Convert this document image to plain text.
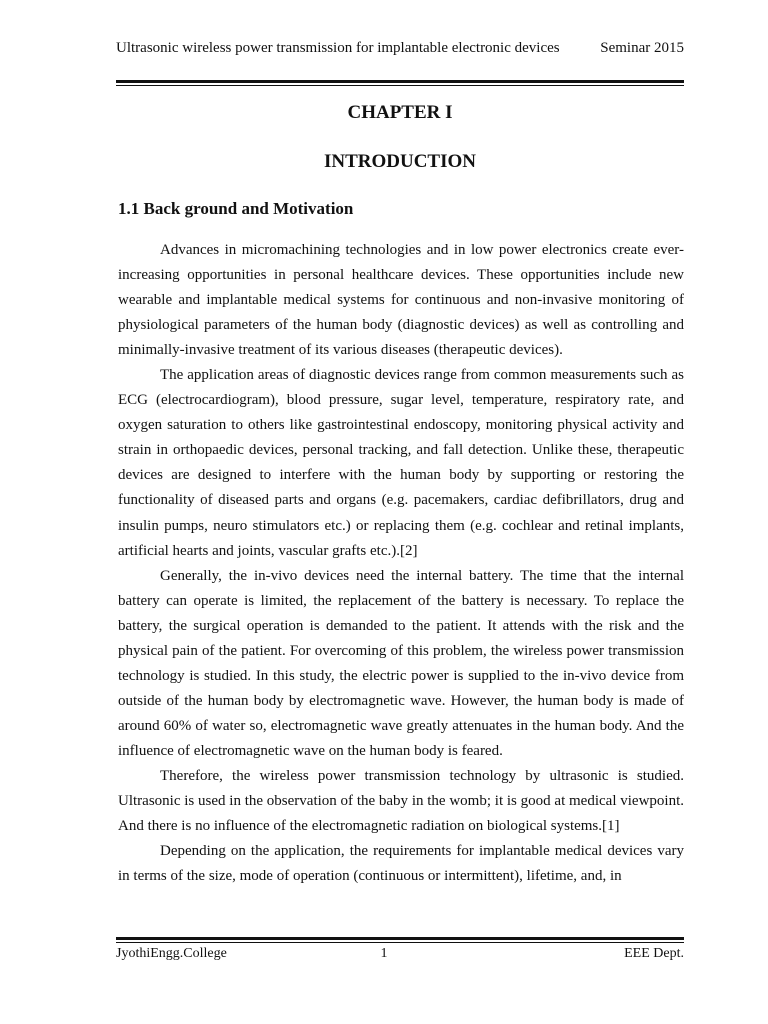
Ultrasonic wireless power transmission for implantable electronic devices	Seminar 2015
CHAPTER I
INTRODUCTION
1.1 Back ground and Motivation

Advances in micromachining technologies and in low power electronics create ever-increasing opportunities in personal healthcare devices. These opportunities include new wearable and implantable medical systems for continuous and non-invasive monitoring of physiological parameters of the human body (diagnostic devices) as well as controlling and minimally-invasive treatment of its various diseases (therapeutic devices).

The application areas of diagnostic devices range from common measurements such as ECG (electrocardiogram), blood pressure, sugar level, temperature, respiratory rate, and oxygen saturation to others like gastrointestinal endoscopy, monitoring physical activity and strain in orthopaedic devices, personal tracking, and fall detection. Unlike these, therapeutic devices are designed to interfere with the human body by supporting or restoring the functionality of diseased parts and organs (e.g. pacemakers, cardiac defibrillators, drug and insulin pumps, neuro stimulators etc.) or replacing them (e.g. cochlear and retinal implants, artificial hearts and joints, vascular grafts etc.).[2]

Generally, the in-vivo devices need the internal battery. The time that the internal battery can operate is limited, the replacement of the battery is necessary. To replace the battery, the surgical operation is demanded to the patient. It attends with the risk and the physical pain of the patient. For overcoming of this problem, the wireless power transmission technology is studied. In this study, the electric power is supplied to the in-vivo device from outside of the human body by electromagnetic wave. However, the human body is made of around 60% of water so, electromagnetic wave greatly attenuates in the human body. And the influence of electromagnetic wave on the human body is feared.

Therefore, the wireless power transmission technology by ultrasonic is studied. Ultrasonic is used in the observation of the baby in the womb; it is good at medical viewpoint. And there is no influence of the electromagnetic radiation on biological systems.[1]

Depending on the application, the requirements for implantable medical devices vary in terms of the size, mode of operation (continuous or intermittent), lifetime, and, in

JyothiEngg.College	1	EEE Dept.
